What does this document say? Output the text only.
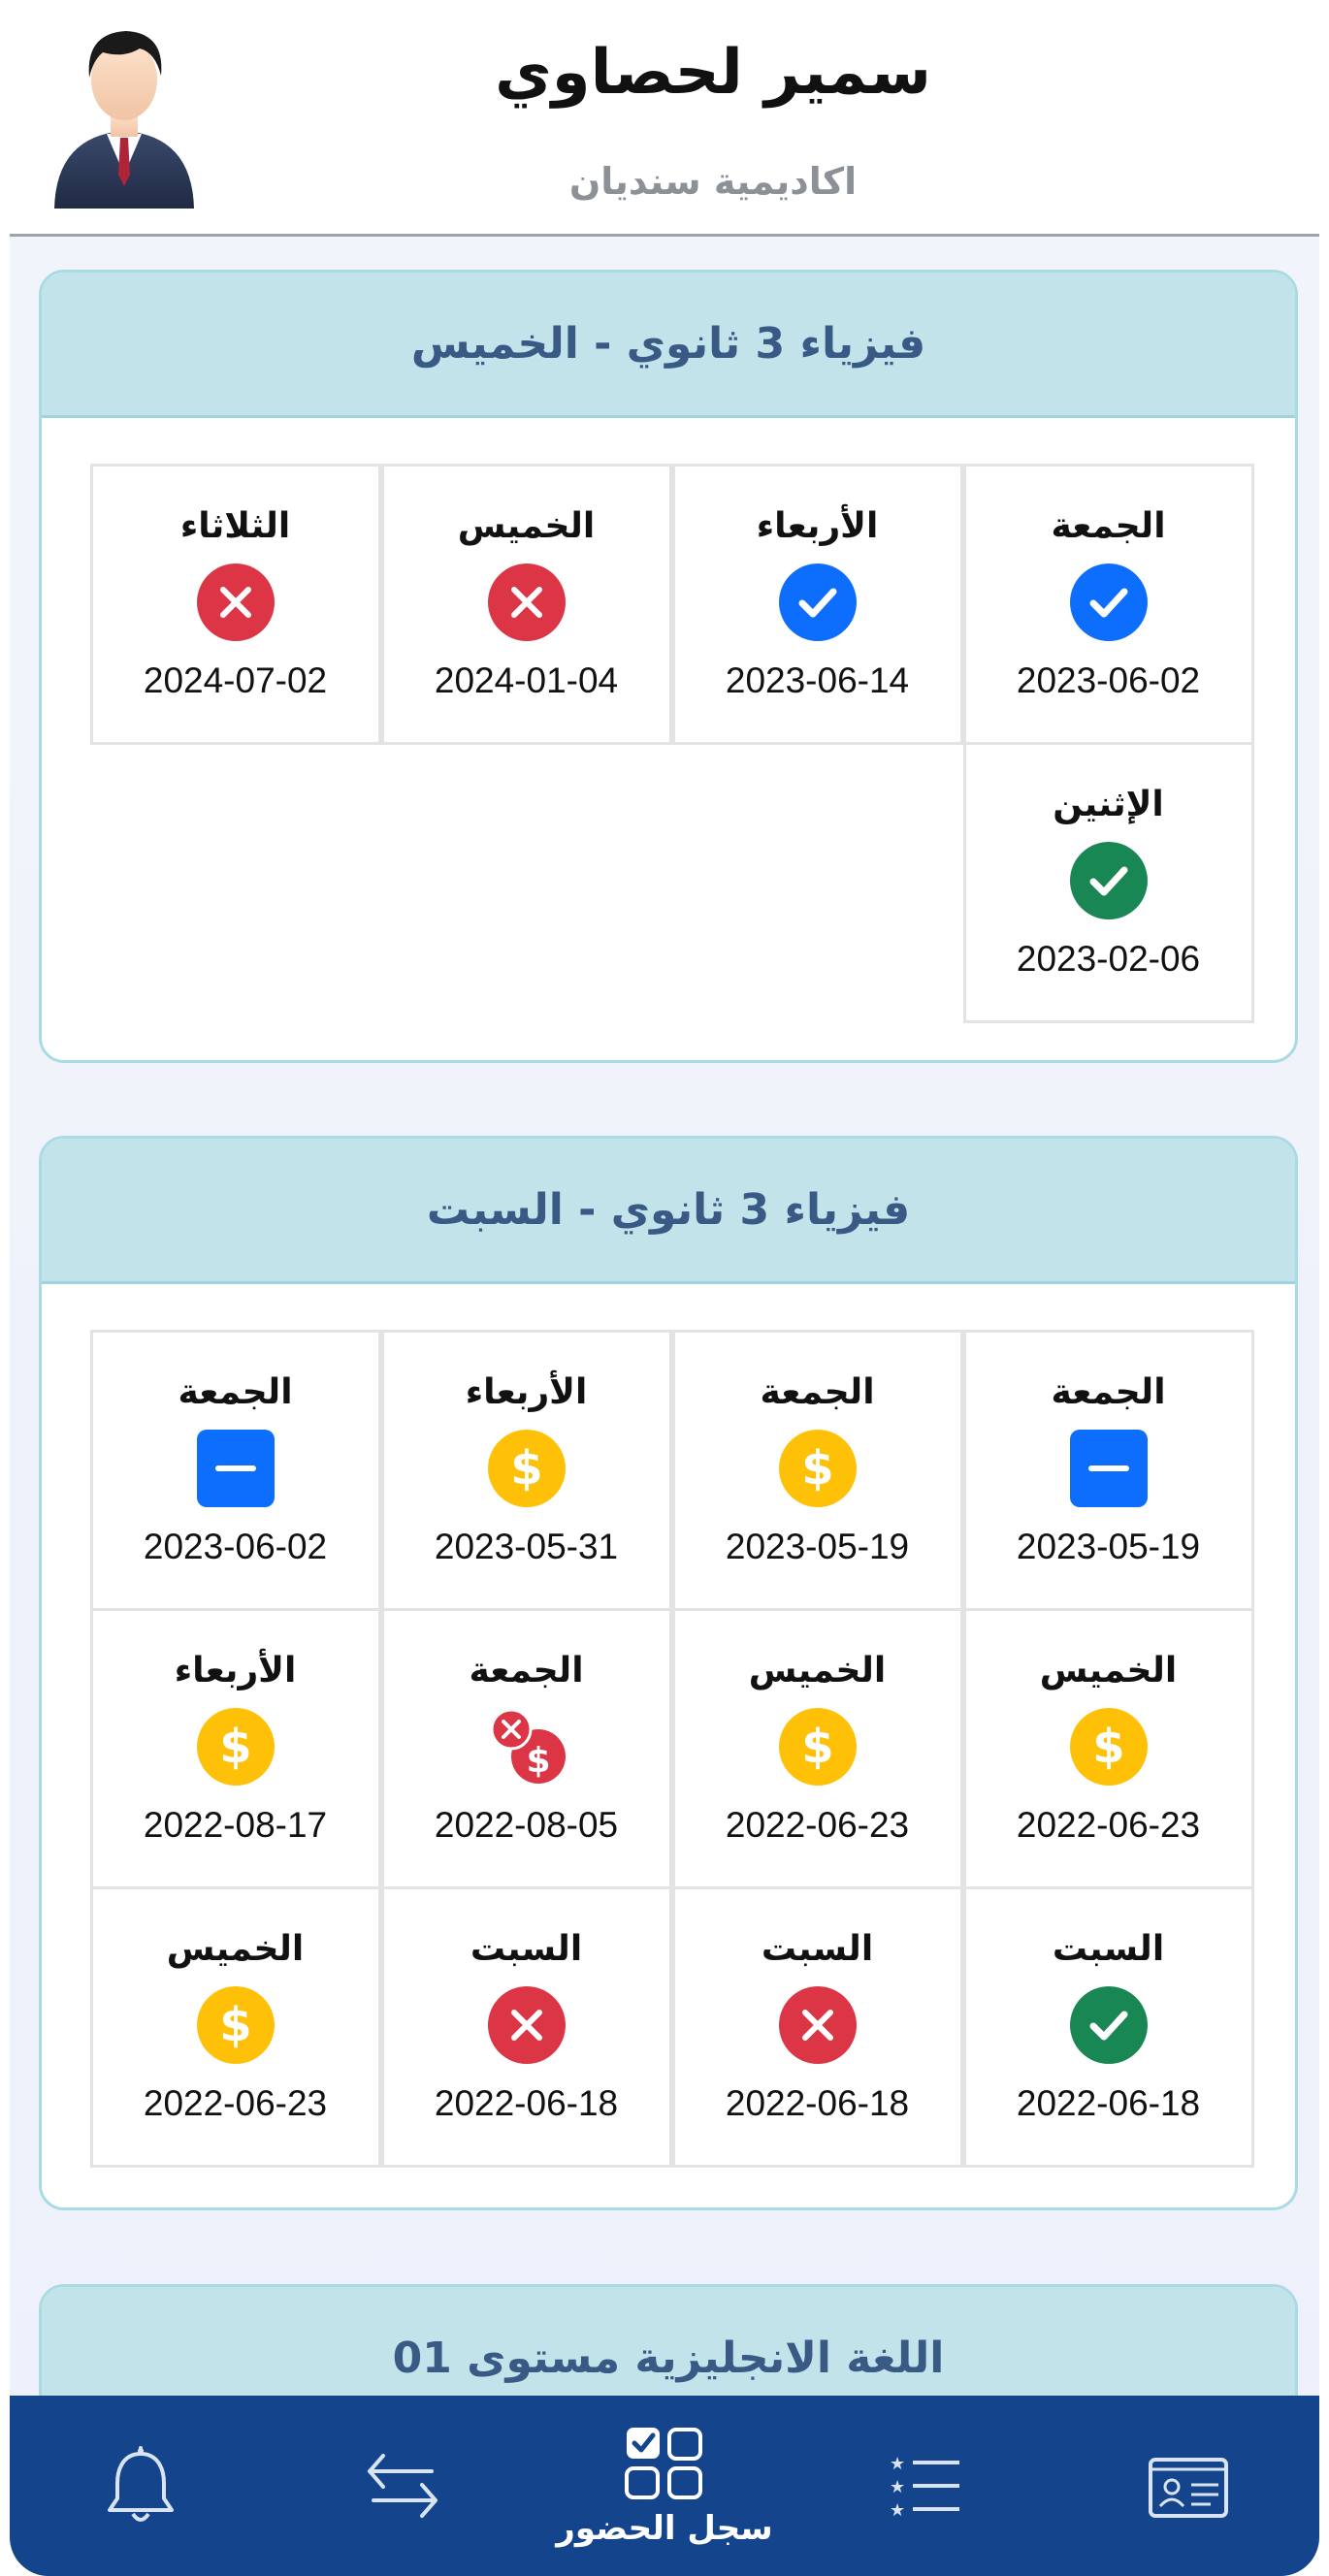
سمير لحصاوي
اكاديمية سنديان
فيزياء 3 ثانوي - الخميس
الجمعة
2023-06-02
الأربعاء
2023-06-14
الخميس
2024-01-04
الثلاثاء
2024-07-02
الإثنين
2023-02-06
فيزياء 3 ثانوي - السبت
الجمعة
2023-05-19
الجمعة
$
2023-05-19
الأربعاء
$
2023-05-31
الجمعة
2023-06-02
الخميس
$
2022-06-23
الخميس
$
2022-06-23
الجمعة
$
2022-08-05
الأربعاء
$
2022-08-17
السبت
2022-06-18
السبت
2022-06-18
السبت
2022-06-18
الخميس
$
2022-06-23
اللغة الانجليزية مستوى 01
سجل الحضور
★
★
★
